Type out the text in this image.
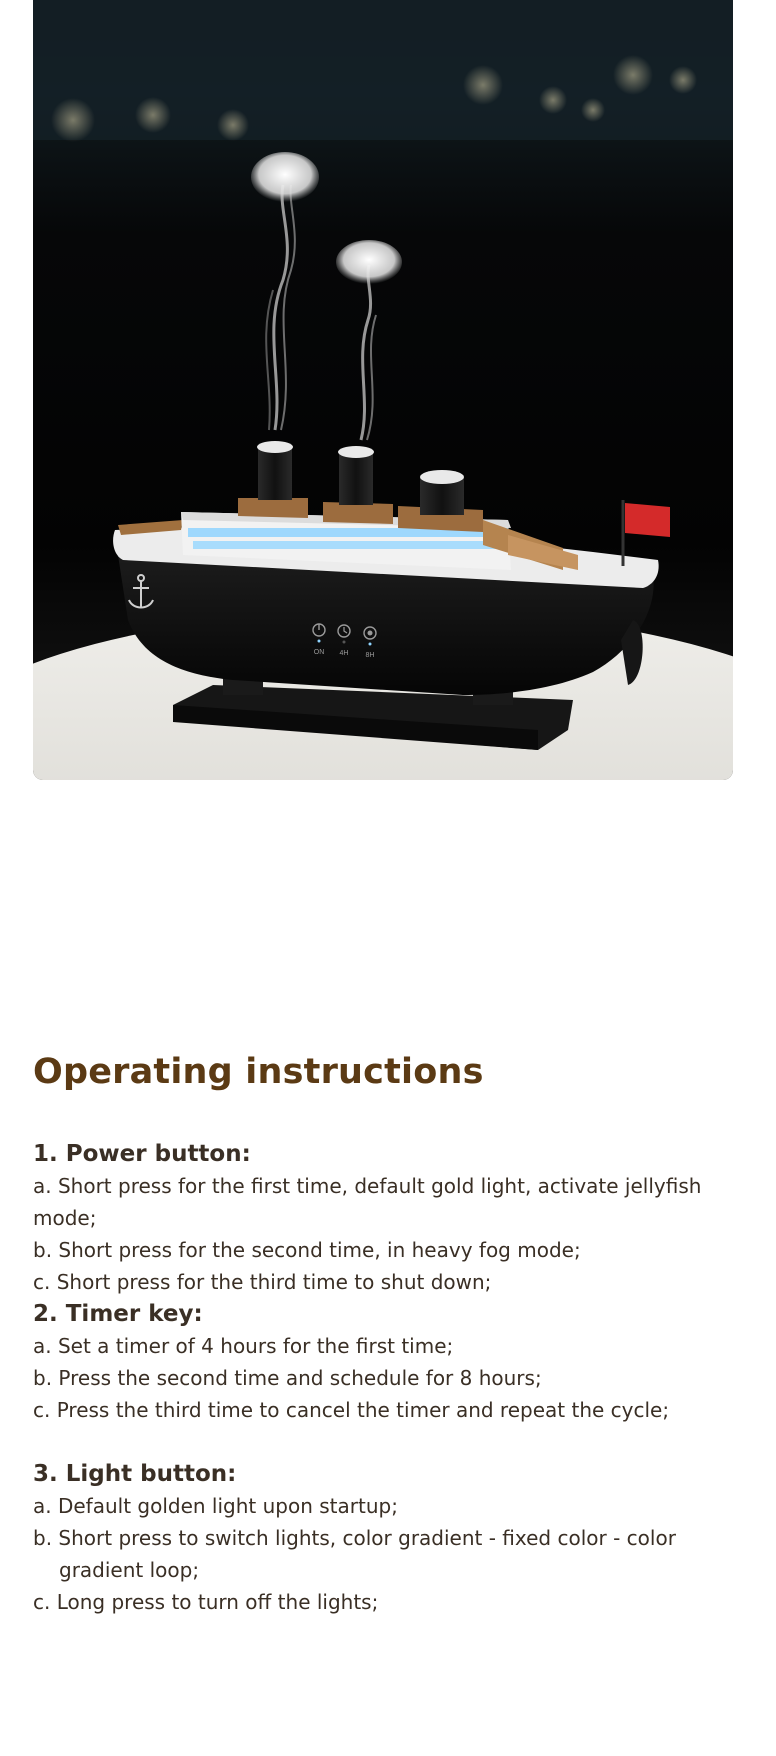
ON 4H 8H
Operating instructions
1. Power button:

a. Short press for the first time, default gold light, activate jellyfish mode;

b. Short press for the second time, in heavy fog mode;

c. Short press for the third time to shut down;

2. Timer key:

a. Set a timer of 4 hours for the first time;

b. Press the second time and schedule for 8 hours;

c. Press the third time to cancel the timer and repeat the cycle;

3. Light button:

a. Default golden light upon startup;

b. Short press to switch lights, color gradient - fixed color - color gradient loop;

c. Long press to turn off the lights;
